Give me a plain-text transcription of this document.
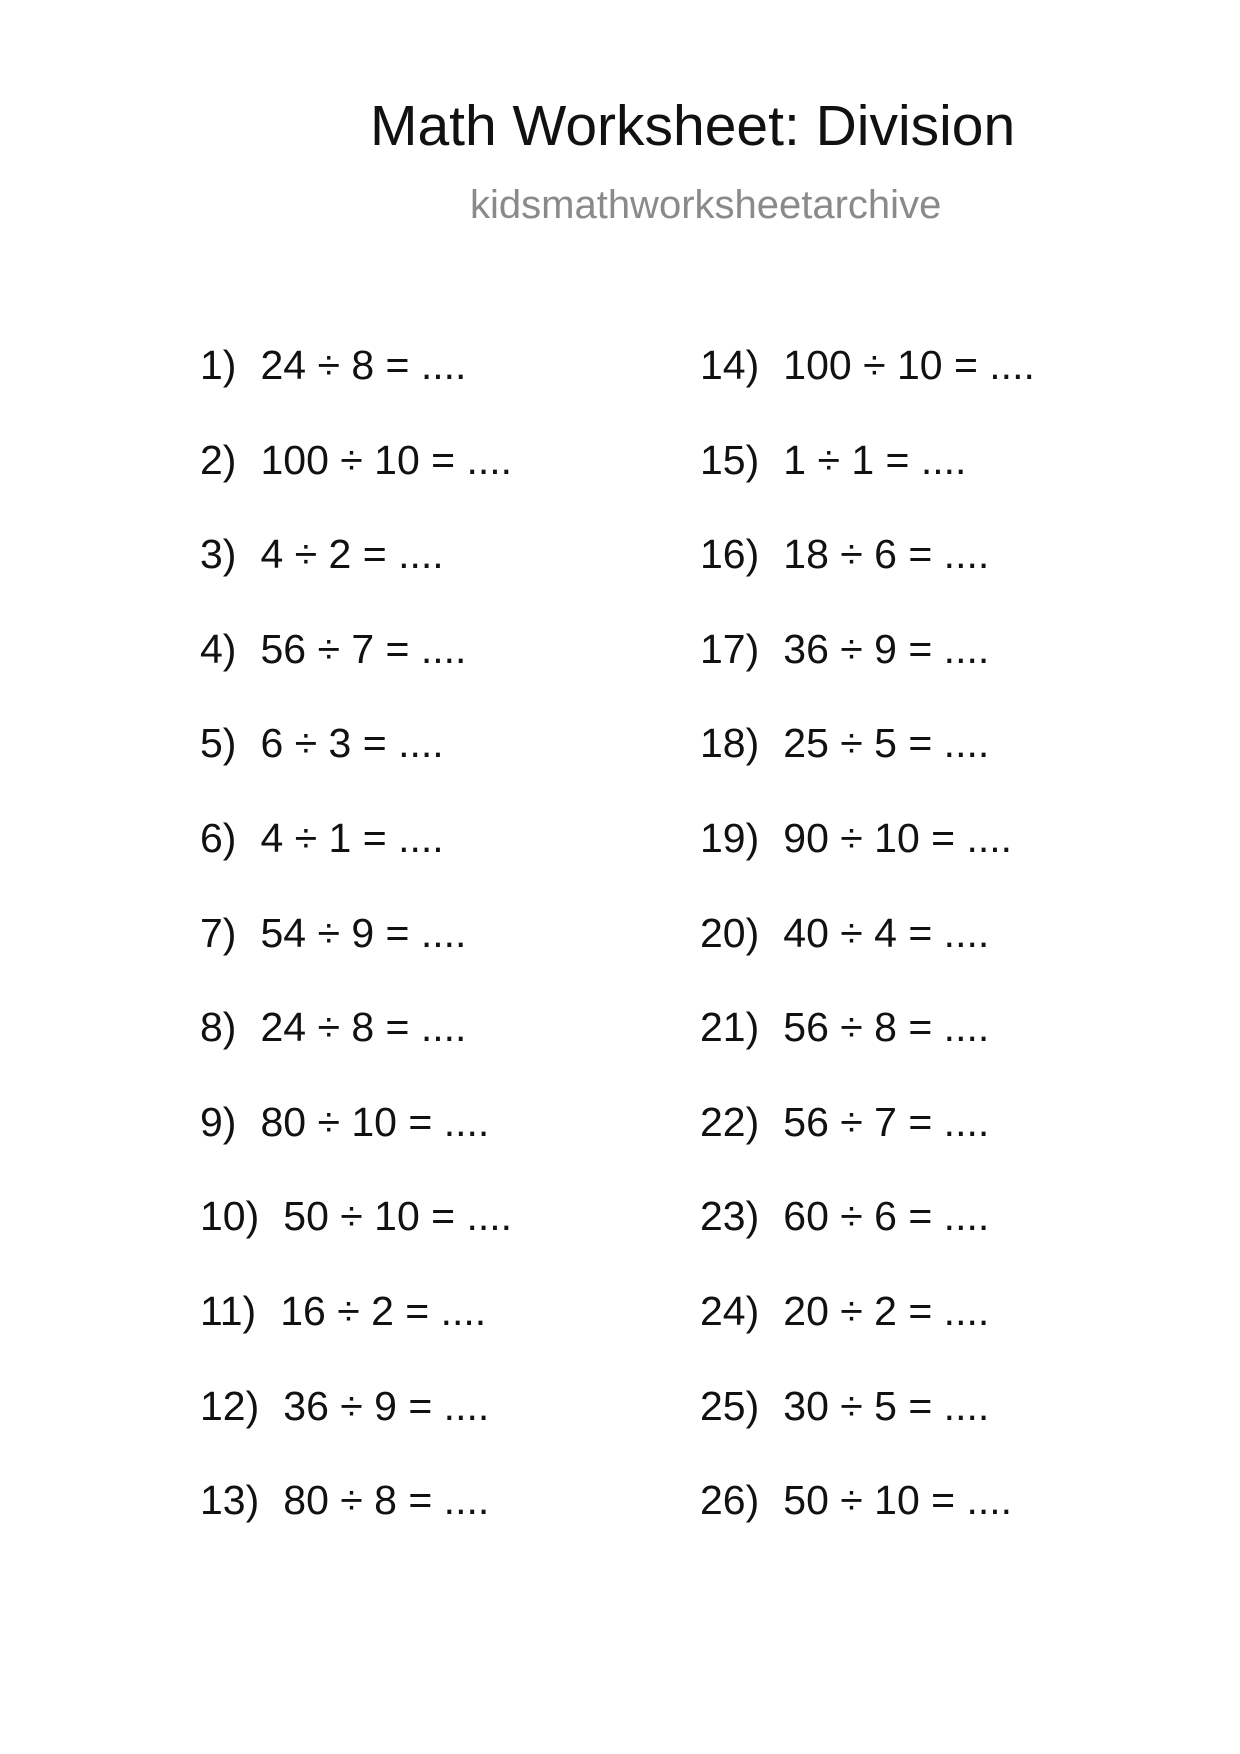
Math Worksheet: Division
kidsmathworksheetarchive
1) 24 ÷ 8 = ....
2) 100 ÷ 10 = ....
3) 4 ÷ 2 = ....
4) 56 ÷ 7 = ....
5) 6 ÷ 3 = ....
6) 4 ÷ 1 = ....
7) 54 ÷ 9 = ....
8) 24 ÷ 8 = ....
9) 80 ÷ 10 = ....
10) 50 ÷ 10 = ....
11) 16 ÷ 2 = ....
12) 36 ÷ 9 = ....
13) 80 ÷ 8 = ....
14) 100 ÷ 10 = ....
15) 1 ÷ 1 = ....
16) 18 ÷ 6 = ....
17) 36 ÷ 9 = ....
18) 25 ÷ 5 = ....
19) 90 ÷ 10 = ....
20) 40 ÷ 4 = ....
21) 56 ÷ 8 = ....
22) 56 ÷ 7 = ....
23) 60 ÷ 6 = ....
24) 20 ÷ 2 = ....
25) 30 ÷ 5 = ....
26) 50 ÷ 10 = ....
